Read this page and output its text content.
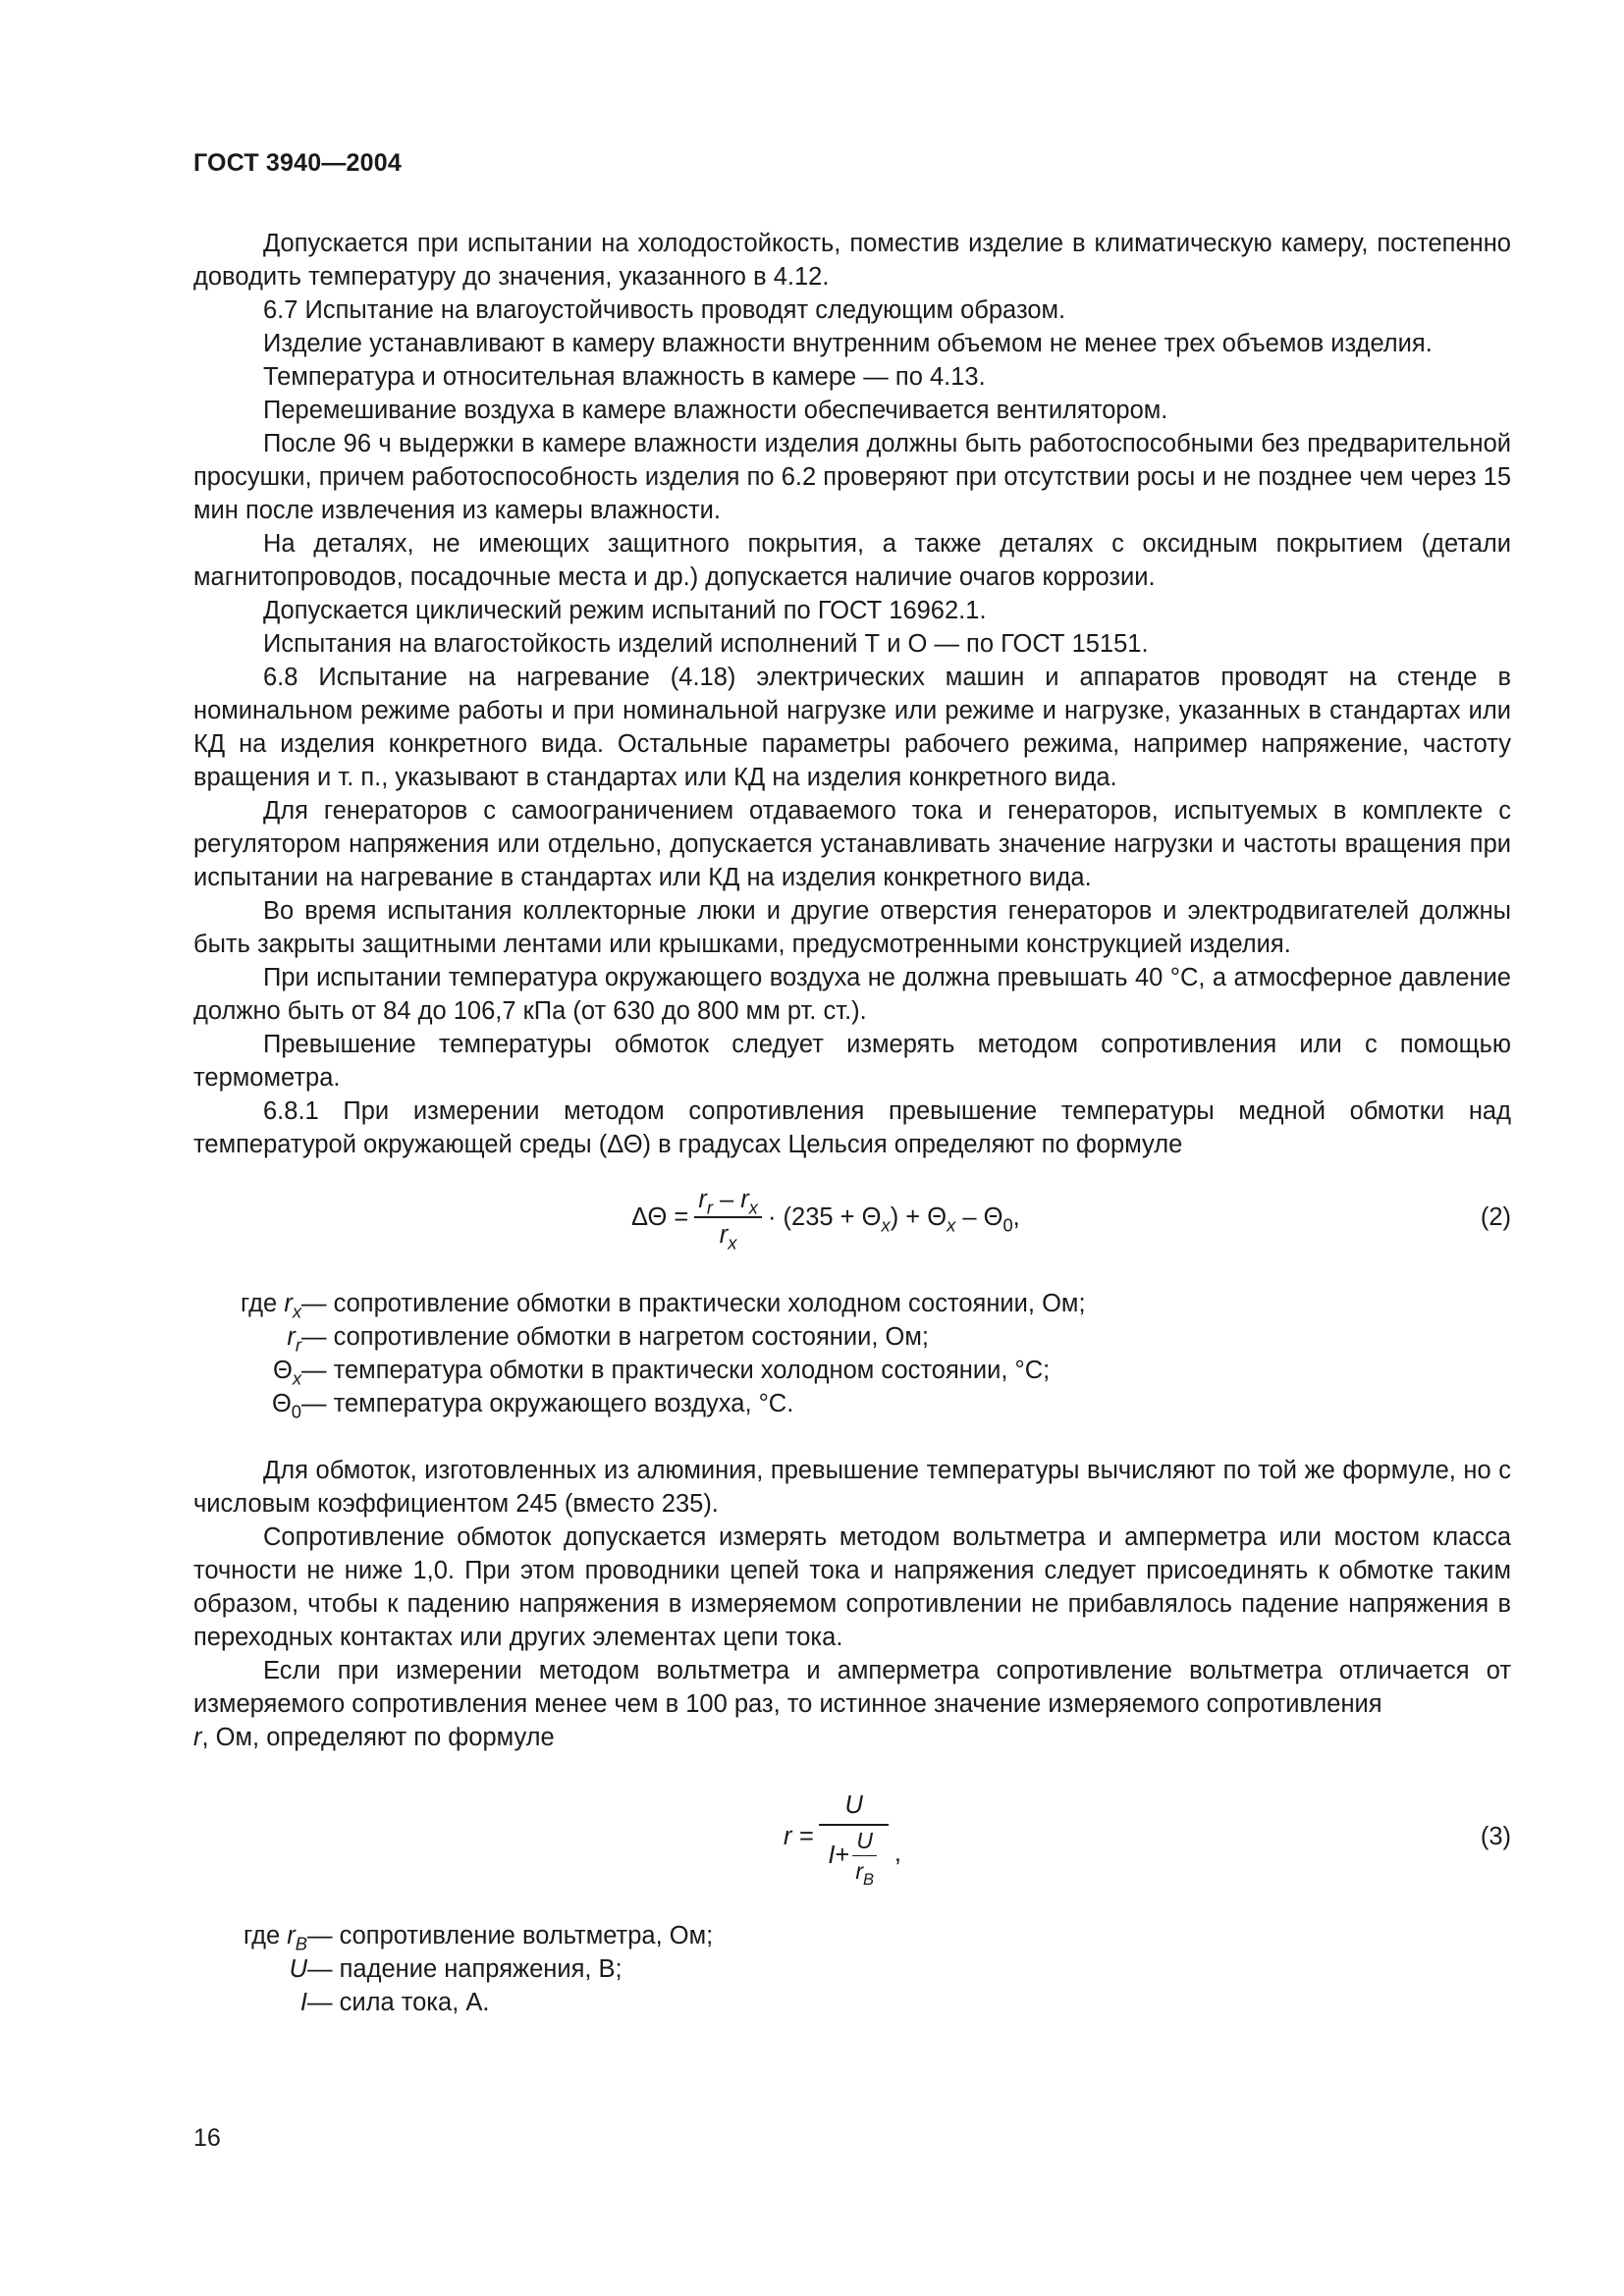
ГОСТ 3940—2004

Допускается при испытании на холодостойкость, поместив изделие в климатическую камеру, постепенно доводить температуру до значения, указанного в 4.12.

6.7 Испытание на влагоустойчивость проводят следующим образом.

Изделие устанавливают в камеру влажности внутренним объемом не менее трех объемов изделия.

Температура и относительная влажность в камере — по 4.13.

Перемешивание воздуха в камере влажности обеспечивается вентилятором.

После 96 ч выдержки в камере влажности изделия должны быть работоспособными без предварительной просушки, причем работоспособность изделия по 6.2 проверяют при отсутствии росы и не позднее чем через 15 мин после извлечения из камеры влажности.

На деталях, не имеющих защитного покрытия, а также деталях с оксидным покрытием (детали магнитопроводов, посадочные места и др.) допускается наличие очагов коррозии.

Допускается циклический режим испытаний по ГОСТ 16962.1.

Испытания на влагостойкость изделий исполнений Т и О — по ГОСТ 15151.

6.8 Испытание на нагревание (4.18) электрических машин и аппаратов проводят на стенде в номинальном режиме работы и при номинальной нагрузке или режиме и нагрузке, указанных в стандартах или КД на изделия конкретного вида. Остальные параметры рабочего режима, например напряжение, частоту вращения и т. п., указывают в стандартах или КД на изделия конкретного вида.

Для генераторов с самоограничением отдаваемого тока и генераторов, испытуемых в комплекте с регулятором напряжения или отдельно, допускается устанавливать значение нагрузки и частоты вращения при испытании на нагревание в стандартах или КД на изделия конкретного вида.

Во время испытания коллекторные люки и другие отверстия генераторов и электродвигателей должны быть закрыты защитными лентами или крышками, предусмотренными конструкцией изделия.

При испытании температура окружающего воздуха не должна превышать 40 °С, а атмосферное давление должно быть от 84 до 106,7 кПа (от 630 до 800 мм рт. ст.).

Превышение температуры обмоток следует измерять методом сопротивления или с помощью термометра.

6.8.1 При измерении методом сопротивления превышение температуры медной обмотки над температурой окружающей среды (ΔΘ) в градусах Цельсия определяют по формуле

$\Delta\Theta = \frac{r_r - r_x}{r_x} \cdot (235 + \Theta_x) + \Theta_x - \Theta_0$,	(2)
где $r_x$ — сопротивление обмотки в практически холодном состоянии, Ом;
$r_r$ — сопротивление обмотки в нагретом состоянии, Ом;
$\Theta_x$ — температура обмотки в практически холодном состоянии, °С;
$\Theta_0$ — температура окружающего воздуха, °С.

Для обмоток, изготовленных из алюминия, превышение температуры вычисляют по той же формуле, но с числовым коэффициентом 245 (вместо 235).

Сопротивление обмоток допускается измерять методом вольтметра и амперметра или мостом класса точности не ниже 1,0. При этом проводники цепей тока и напряжения следует присоединять к обмотке таким образом, чтобы к падению напряжения в измеряемом сопротивлении не прибавлялось падение напряжения в переходных контактах или других элементах цепи тока.

Если при измерении методом вольтметра и амперметра сопротивление вольтметра отличается от измеряемого сопротивления менее чем в 100 раз, то истинное значение измеряемого сопротивления

r, Ом, определяют по формуле

$r = \frac{U}{I + \frac{U}{r_B}}$ ,
(3)
где $r_B$ — сопротивление вольтметра, Ом;
U — падение напряжения, В;
I — сила тока, А.
16
